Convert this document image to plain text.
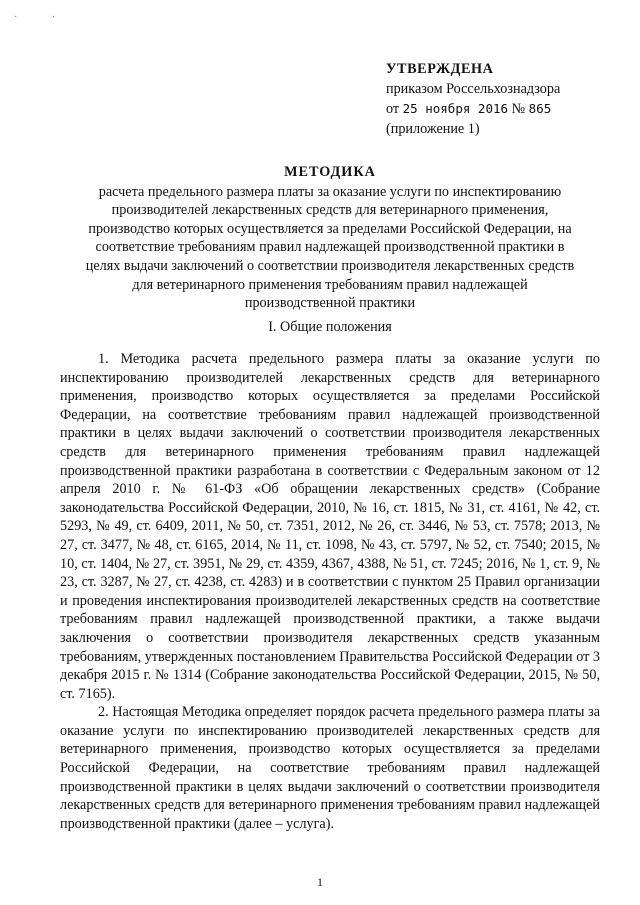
· ·
УТВЕРЖДЕНА
приказом Россельхознадзора
от 25 ноября 2016 № 865
(приложение 1)
МЕТОДИКА
расчета предельного размера платы за оказание услуги по инспектированию
производителей лекарственных средств для ветеринарного применения,
производство которых осуществляется за пределами Российской Федерации, на
соответствие требованиям правил надлежащей производственной практики в
целях выдачи заключений о соответствии производителя лекарственных средств
для ветеринарного применения требованиям правил надлежащей
производственной практики
I. Общие положения

1. Методика расчета предельного размера платы за оказание услуги по инспектированию производителей лекарственных средств для ветеринарного применения, производство которых осуществляется за пределами Российской Федерации, на соответствие требованиям правил надлежащей производственной практики в целях выдачи заключений о соответствии производителя лекарственных средств для ветеринарного применения требованиям правил надлежащей производственной практики разработана в соответствии с Федеральным законом от 12 апреля 2010 г. № 61-ФЗ «Об обращении лекарственных средств» (Собрание законодательства Российской Федерации, 2010, № 16, ст. 1815, № 31, ст. 4161, № 42, ст. 5293, № 49, ст. 6409, 2011, № 50, ст. 7351, 2012, № 26, ст. 3446, № 53, ст. 7578; 2013, № 27, ст. 3477, № 48, ст. 6165, 2014, № 11, ст. 1098, № 43, ст. 5797, № 52, ст. 7540; 2015, № 10, ст. 1404, № 27, ст. 3951, № 29, ст. 4359, 4367, 4388, № 51, ст. 7245; 2016, № 1, ст. 9, № 23, ст. 3287, № 27, ст. 4238, ст. 4283) и в соответствии с пунктом 25 Правил организации и проведения инспектирования производителей лекарственных средств на соответствие требованиям правил надлежащей производственной практики, а также выдачи заключения о соответствии производителя лекарственных средств указанным требованиям, утвержденных постановлением Правительства Российской Федерации от 3 декабря 2015 г. № 1314 (Собрание законодательства Российской Федерации, 2015, № 50, ст. 7165).

2. Настоящая Методика определяет порядок расчета предельного размера платы за оказание услуги по инспектированию производителей лекарственных средств для ветеринарного применения, производство которых осуществляется за пределами Российской Федерации, на соответствие требованиям правил надлежащей производственной практики в целях выдачи заключений о соответствии производителя лекарственных средств для ветеринарного применения требованиям правил надлежащей производственной практики (далее – услуга).

1
